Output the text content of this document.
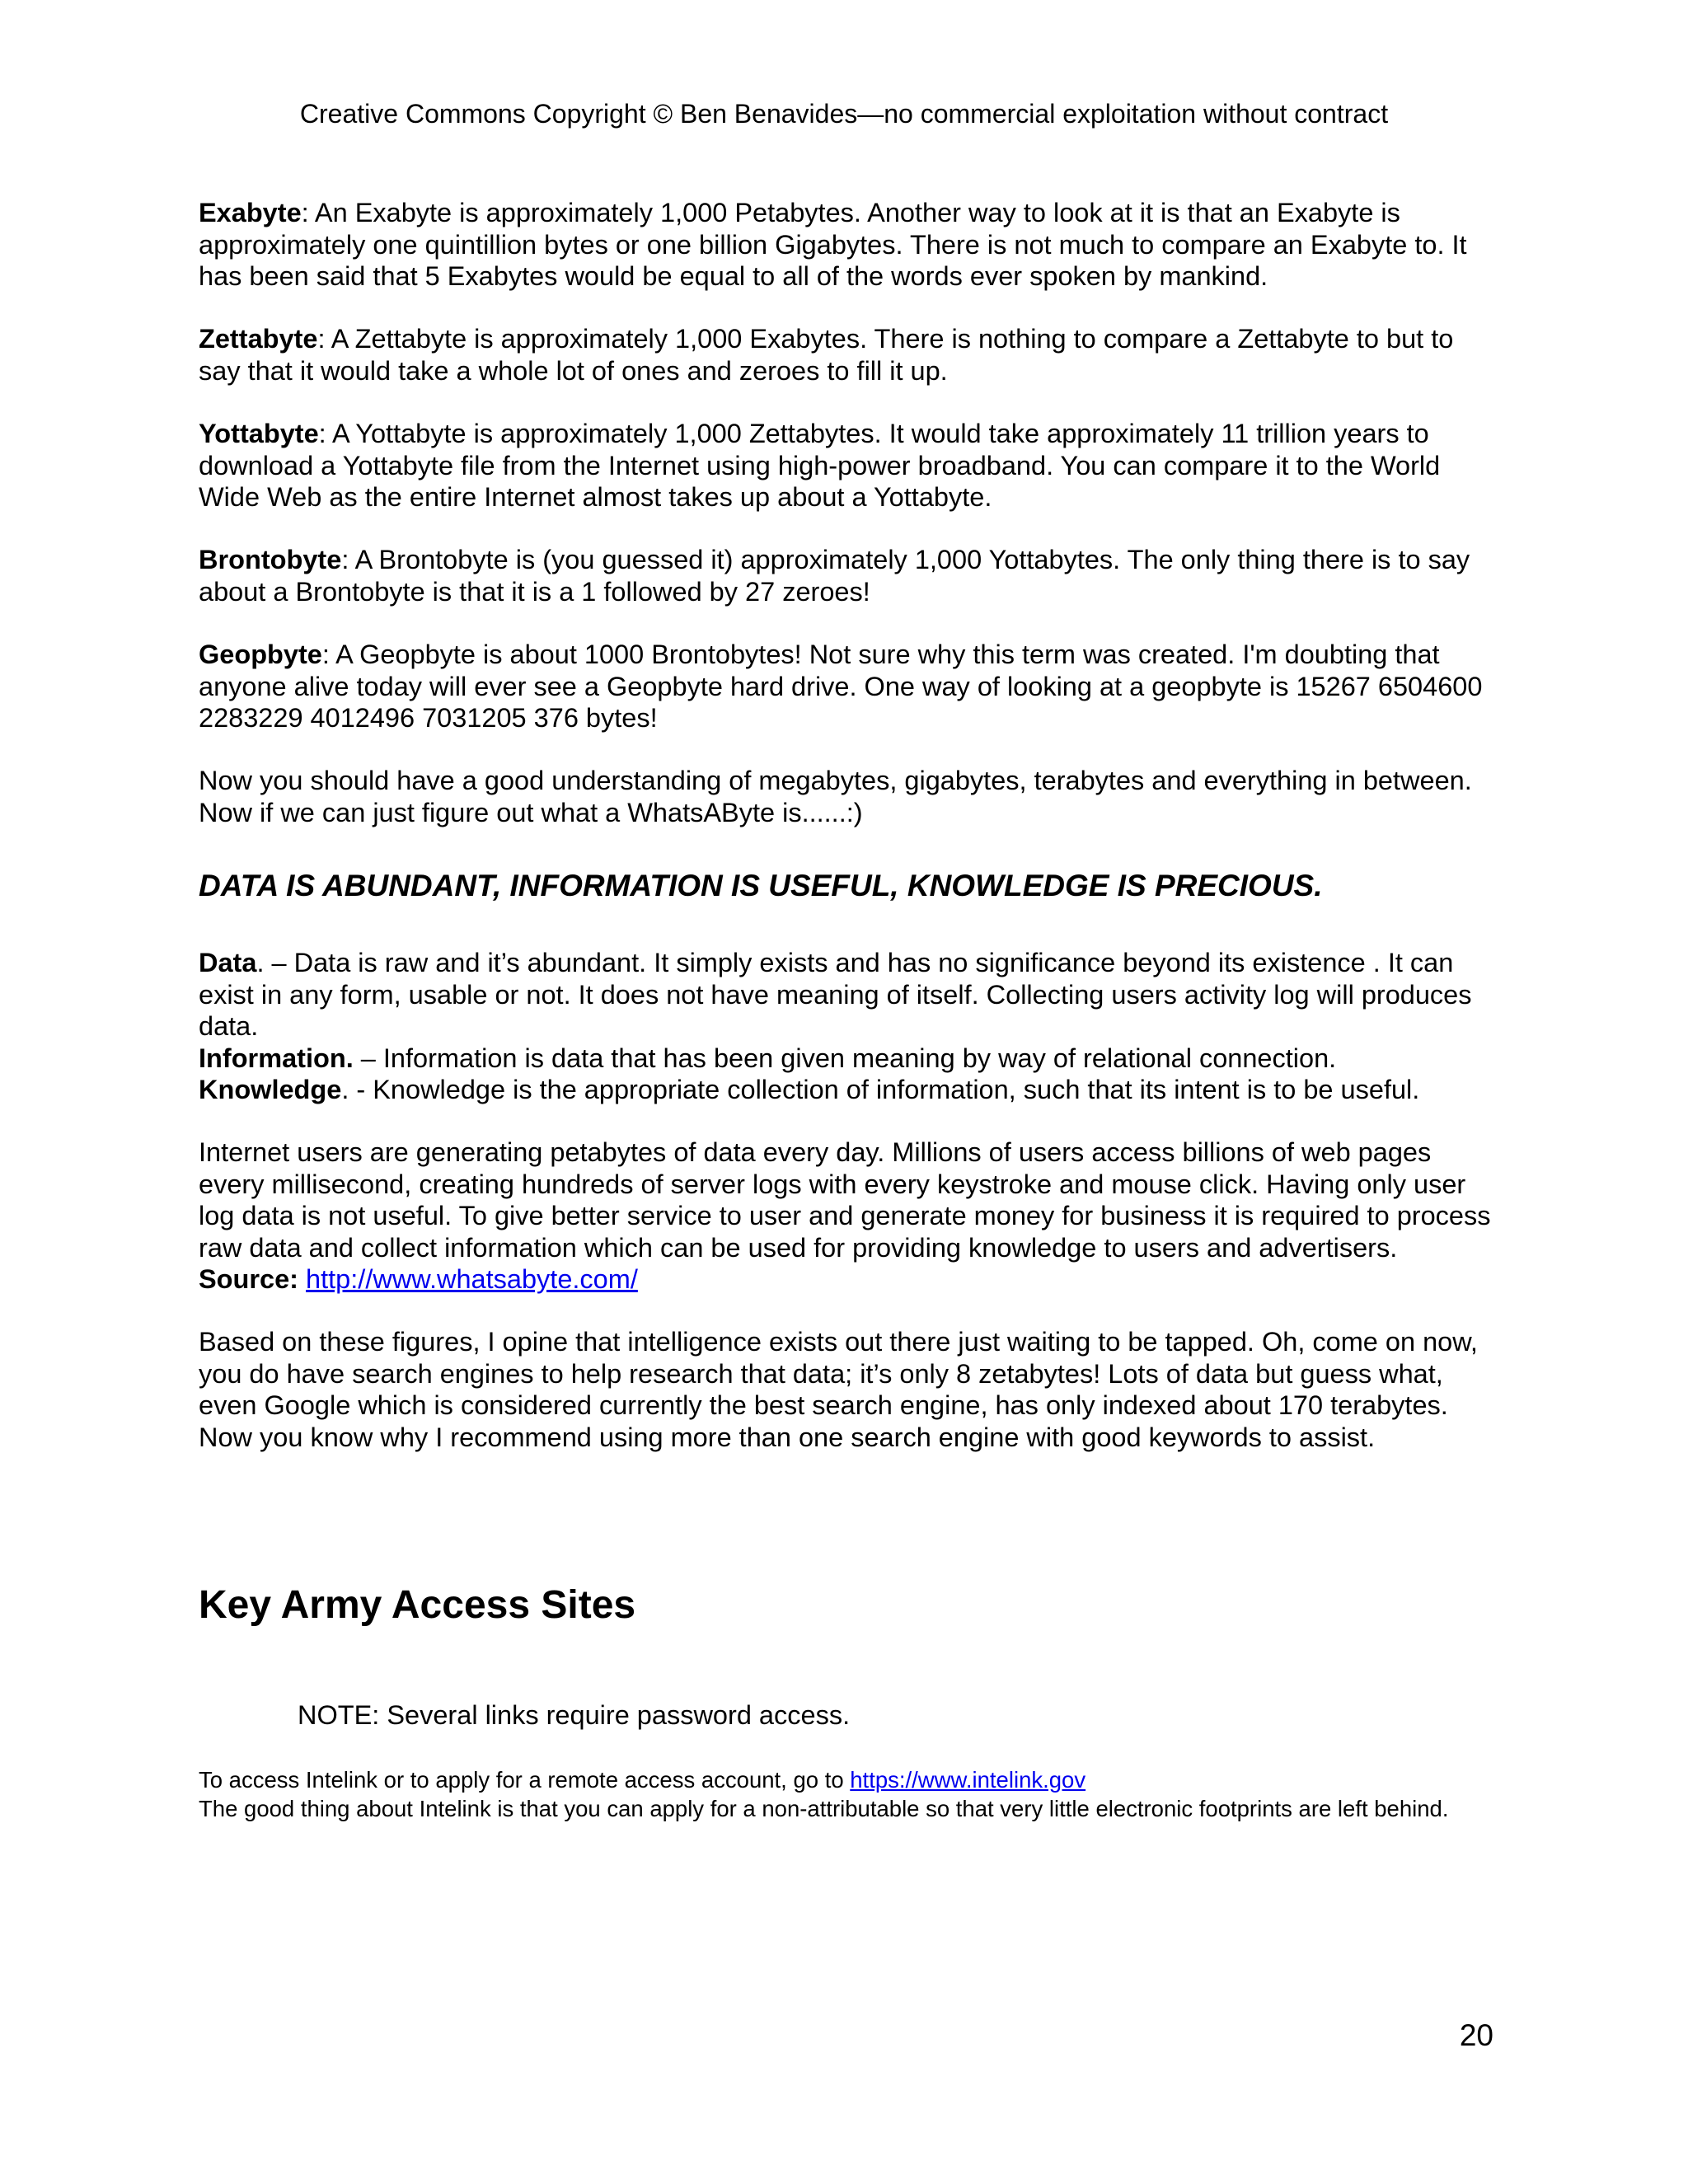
Creative Commons Copyright © Ben Benavides—no commercial exploitation without contract

Exabyte: An Exabyte is approximately 1,000 Petabytes. Another way to look at it is that an Exabyte is approximately one quintillion bytes or one billion Gigabytes. There is not much to compare an Exabyte to. It has been said that 5 Exabytes would be equal to all of the words ever spoken by mankind.

Zettabyte: A Zettabyte is approximately 1,000 Exabytes. There is nothing to compare a Zettabyte to but to say that it would take a whole lot of ones and zeroes to fill it up.

Yottabyte: A Yottabyte is approximately 1,000 Zettabytes. It would take approximately 11 trillion years to download a Yottabyte file from the Internet using high-power broadband. You can compare it to the World Wide Web as the entire Internet almost takes up about a Yottabyte.

Brontobyte: A Brontobyte is (you guessed it) approximately 1,000 Yottabytes. The only thing there is to say about a Brontobyte is that it is a 1 followed by 27 zeroes!

Geopbyte: A Geopbyte is about 1000 Brontobytes! Not sure why this term was created. I'm doubting that anyone alive today will ever see a Geopbyte hard drive. One way of looking at a geopbyte is 15267 6504600 2283229 4012496 7031205 376 bytes!

Now you should have a good understanding of megabytes, gigabytes, terabytes and everything in between. Now if we can just figure out what a WhatsAByte is......:)
DATA IS ABUNDANT, INFORMATION IS USEFUL, KNOWLEDGE IS PRECIOUS.

Data. – Data is raw and it’s abundant. It simply exists and has no significance beyond its existence . It can exist in any form, usable or not. It does not have meaning of itself. Collecting users activity log will produces data.

Information. – Information is data that has been given meaning by way of relational connection.

Knowledge. - Knowledge is the appropriate collection of information, such that its intent is to be useful.

Internet users are generating petabytes of data every day. Millions of users access billions of web pages every millisecond, creating hundreds of server logs with every keystroke and mouse click. Having only user log data is not useful. To give better service to user and generate money for business it is required to process raw data and collect information which can be used for providing knowledge to users and advertisers. Source: http://www.whatsabyte.com/

Based on these figures, I opine that intelligence exists out there just waiting to be tapped. Oh, come on now, you do have search engines to help research that data; it’s only 8 zetabytes! Lots of data but guess what, even Google which is considered currently the best search engine, has only indexed about 170 terabytes. Now you know why I recommend using more than one search engine with good keywords to assist.
Key Army Access Sites
NOTE: Several links require password access.

To access Intelink or to apply for a remote access account, go to https://www.intelink.gov

The good thing about Intelink is that you can apply for a non-attributable so that very little electronic footprints are left behind.

20
